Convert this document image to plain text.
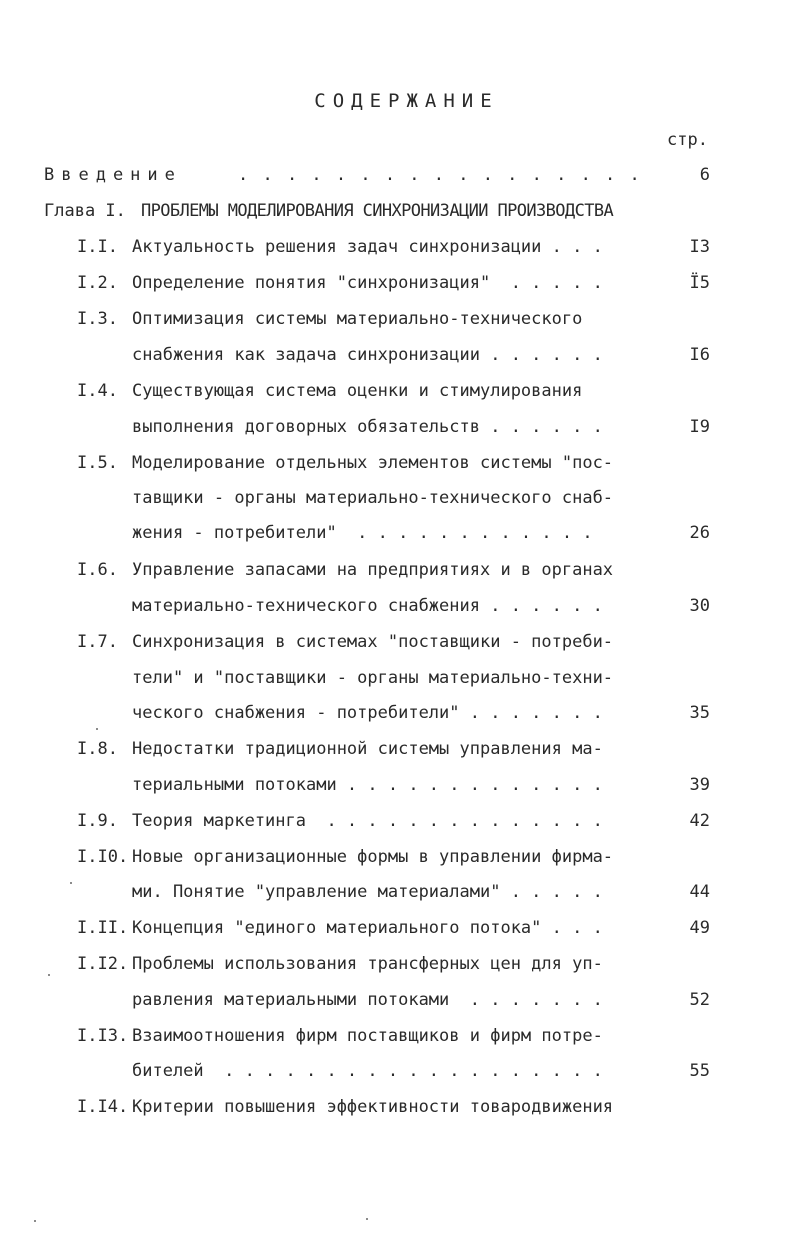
СОДЕРЖАНИЕ
стр.
Введение	. . . . . . . . . . . . . . . . .	6
Глава I. ПРОБЛЕМЫ МОДЕЛИРОВАНИЯ СИНХРОНИЗАЦИИ ПРОИЗВОДСТВА
I.I. Актуальность решения задач синхронизации . . .	I3
I.2. Определение понятия "синхронизация"  . . . . .	Ї5
I.3. Оптимизация системы материально-технического
снабжения как задача синхронизации . . . . . .	I6
I.4. Существующая система оценки и стимулирования
выполнения договорных обязательств . . . . . .	I9
I.5. Моделирование отдельных элементов системы "пос-
тавщики - органы материально-технического снаб-
жения - потребители"  . . . . . . . . . . . .	26
I.6. Управление запасами на предприятиях и в органах
материально-технического снабжения . . . . . .	30
I.7. Синхронизация в системах "поставщики - потреби-
тели" и "поставщики - органы материально-техни-
ческого снабжения - потребители" . . . . . . .	35
I.8. Недостатки традиционной системы управления ма-
териальными потоками . . . . . . . . . . . . .	39
I.9. Теория маркетинга  . . . . . . . . . . . . . .	42
I.I0. Новые организационные формы в управлении фирма-
ми. Понятие "управление материалами" . . . . .	44
I.II. Концепция "единого материального потока" . . .	49
I.I2. Проблемы использования трансферных цен для уп-
равления материальными потоками  . . . . . . .	52
I.I3. Взаимоотношения фирм поставщиков и фирм потре-
бителей  . . . . . . . . . . . . . . . . . . .	55
I.I4. Критерии повышения эффективности товародвижения
